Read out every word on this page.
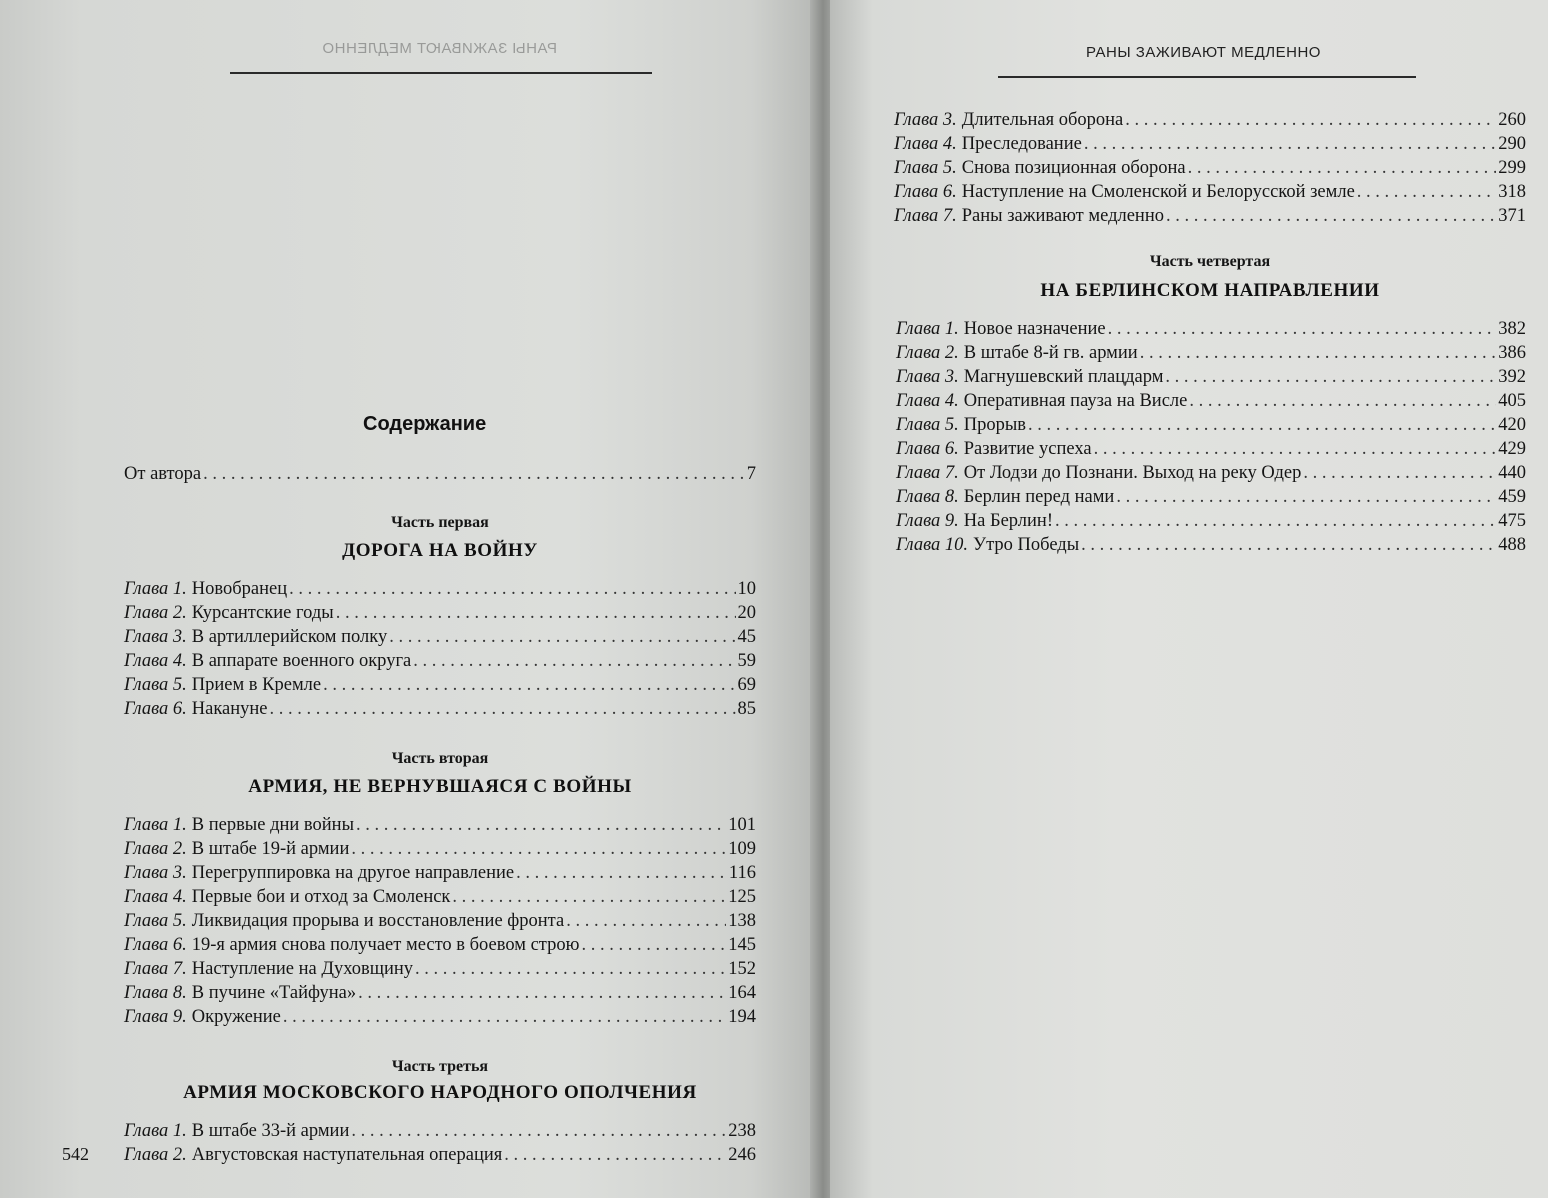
РАНЫ ЗАЖИВАЮТ МЕДЛЕННО
Содержание
От автора . . .	7
Часть первая
ДОРОГА НА ВОЙНУ
Глава 1. Новобранец . . .	10
Глава 2. Курсантские годы . . .	20
Глава 3. В артиллерийском полку . . .	45
Глава 4. В аппарате военного округа . . .	59
Глава 5. Прием в Кремле . . .	69
Глава 6. Накануне . . .	85
Часть вторая
АРМИЯ, НЕ ВЕРНУВШАЯСЯ С ВОЙНЫ
Глава 1. В первые дни войны . . .	101
Глава 2. В штабе 19-й армии . . .	109
Глава 3. Перегруппировка на другое направление . . .	116
Глава 4. Первые бои и отход за Смоленск . . .	125
Глава 5. Ликвидация прорыва и восстановление фронта . . .	138
Глава 6. 19-я армия снова получает место в боевом строю . . .	145
Глава 7. Наступление на Духовщину . . .	152
Глава 8. В пучине «Тайфуна» . . .	164
Глава 9. Окружение . . .	194
Часть третья
АРМИЯ МОСКОВСКОГО НАРОДНОГО ОПОЛЧЕНИЯ
Глава 1. В штабе 33-й армии . . .	238
Глава 2. Августовская наступательная операция . . .	246
542
РАНЫ ЗАЖИВАЮТ МЕДЛЕННО
Глава 3. Длительная оборона . . .	260
Глава 4. Преследование . . .	290
Глава 5. Снова позиционная оборона . . .	299
Глава 6. Наступление на Смоленской и Белорусской земле . . .	318
Глава 7. Раны заживают медленно . . .	371
Часть четвертая
НА БЕРЛИНСКОМ НАПРАВЛЕНИИ
Глава 1. Новое назначение . . .	382
Глава 2. В штабе 8-й гв. армии . . .	386
Глава 3. Магнушевский плацдарм . . .	392
Глава 4. Оперативная пауза на Висле . . .	405
Глава 5. Прорыв . . .	420
Глава 6. Развитие успеха . . .	429
Глава 7. От Лодзи до Познани. Выход на реку Одер . . .	440
Глава 8. Берлин перед нами . . .	459
Глава 9. На Берлин! . . .	475
Глава 10. Утро Победы . . .	488
